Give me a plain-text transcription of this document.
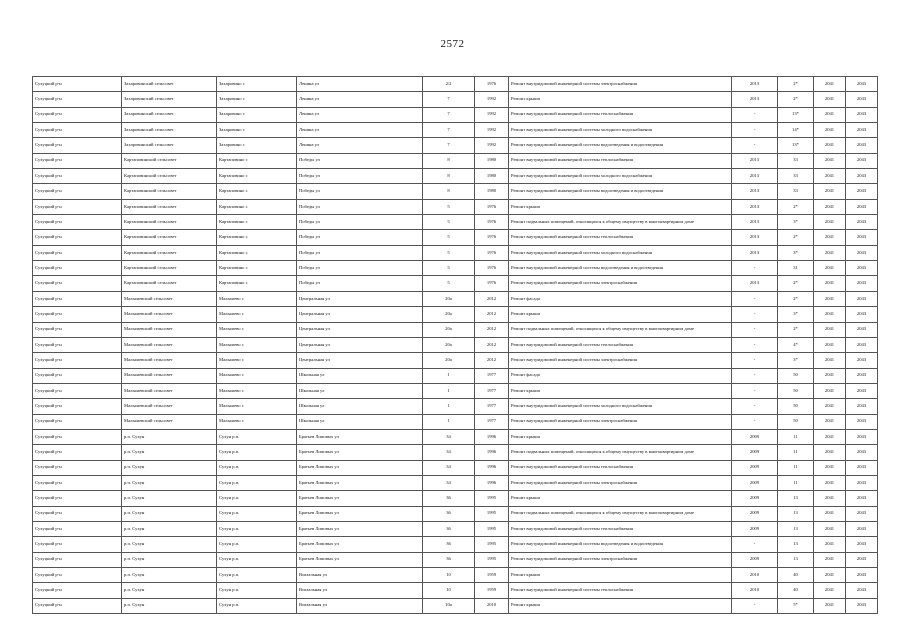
2572
Сухуцкий р-н	Захаровинский сельсовет	Захаровино с	Ленина ул	2/2	1976	Ремонт внутридомовой инженерной системы электроснабжения	2013	2*	2041	2043
Сухуцкий р-н	Захаровинский сельсовет	Захаровино с	Ленина ул	7	1992	Ремонт крыши	2013	2*	2041	2043
Сухуцкий р-н	Захаровинский сельсовет	Захаровино с	Ленина ул	7	1992	Ремонт внутридомовой инженерной системы теплоснабжения	-	13*	2041	2043
Сухуцкий р-н	Захаровинский сельсовет	Захаровино с	Ленина ул	7	1992	Ремонт внутридомовой инженерной системы холодного водоснабжения	-	14*	2041	2043
Сухуцкий р-н	Захаровинский сельсовет	Захаровино с	Ленина ул	7	1992	Ремонт внутридомовой инженерной системы водоотведения и водоотведения	-	13*	2041	2043
Сухуцкий р-н	Картаповинский сельсовет	Картаповино с	Победы ул	8	1980	Ремонт внутридомовой инженерной системы теплоснабжения	2013	33	2041	2043
Сухуцкий р-н	Картаповинский сельсовет	Картаповино с	Победы ул	8	1980	Ремонт внутридомовой инженерной системы холодного водоснабжения	2013	33	2041	2043
Сухуцкий р-н	Картаповинский сельсовет	Картаповино с	Победы ул	8	1980	Ремонт внутридомовой инженерной системы водоотведения и водоотведения	2013	33	2041	2043
Сухуцкий р-н	Картаповинский сельсовет	Картаповино с	Победы ул	5	1976	Ремонт крыши	2013	2*	2041	2043
Сухуцкий р-н	Картаповинский сельсовет	Картаповино с	Победы ул	5	1976	Ремонт подвальных помещений, относящихся к общему имуществу в многоквартирном доме	2013	3*	2041	2043
Сухуцкий р-н	Картаповинский сельсовет	Картаповино с	Победы ул	5	1976	Ремонт внутридомовой инженерной системы теплоснабжения	2013	2*	2041	2043
Сухуцкий р-н	Картаповинский сельсовет	Картаповино с	Победы ул	5	1976	Ремонт внутридомовой инженерной системы холодного водоснабжения	2013	3*	2041	2043
Сухуцкий р-н	Картаповинский сельсовет	Картаповино с	Победы ул	5	1976	Ремонт внутридомовой инженерной системы водоотведения и водоотведения	-	31	2041	2043
Сухуцкий р-н	Картаповинский сельсовет	Картаповино с	Победы ул	5	1976	Ремонт внутридомовой инженерной системы электроснабжения	2013	2*	2041	2043
Сухуцкий р-н	Малышевский сельсовет	Малышево с	Центральная ул	20а	2012	Ремонт фасада	-	2*	2041	2043
Сухуцкий р-н	Малышевский сельсовет	Малышево с	Центральная ул	20а	2012	Ремонт крыши	-	3*	2041	2043
Сухуцкий р-н	Малышевский сельсовет	Малышево с	Центральная ул	20а	2012	Ремонт подвальных помещений, относящихся к общему имуществу в многоквартирном доме	-	2*	2041	2043
Сухуцкий р-н	Малышевский сельсовет	Малышево с	Центральная ул	20а	2012	Ремонт внутридомовой инженерной системы теплоснабжения	-	4*	2041	2043
Сухуцкий р-н	Малышевский сельсовет	Малышево с	Центральная ул	20а	2012	Ремонт внутридомовой инженерной системы электроснабжения	-	3*	2041	2043
Сухуцкий р-н	Малышевский сельсовет	Малышево с	Школьная ул	1	1977	Ремонт фасада	-	50	2041	2043
Сухуцкий р-н	Малышевский сельсовет	Малышево с	Школьная ул	1	1977	Ремонт крыши	-	50	2041	2043
Сухуцкий р-н	Малышевский сельсовет	Малышево с	Школьная ул	1	1977	Ремонт внутридомовой инженерной системы холодного водоснабжения	-	50	2041	2043
Сухуцкий р-н	Малышевский сельсовет	Малышево с	Школьная ул	1	1977	Ремонт внутридомовой инженерной системы электроснабжения	-	50	2041	2043
Сухуцкий р-н	р.п. Сухун	Сухун р.п.	Братьев Ломовых ул	34	1996	Ремонт крыши	2009	11	2041	2043
Сухуцкий р-н	р.п. Сухун	Сухун р.п.	Братьев Ломовых ул	34	1996	Ремонт подвальных помещений, относящихся к общему имуществу в многоквартирном доме	2009	11	2041	2043
Сухуцкий р-н	р.п. Сухун	Сухун р.п.	Братьев Ломовых ул	34	1996	Ремонт внутридомовой инженерной системы теплоснабжения	2009	11	2041	2043
Сухуцкий р-н	р.п. Сухун	Сухун р.п.	Братьев Ломовых ул	34	1996	Ремонт внутридомовой инженерной системы электроснабжения	2009	11	2041	2043
Сухуцкий р-н	р.п. Сухун	Сухун р.п.	Братьев Ломовых ул	36	1995	Ремонт крыши	2009	13	2041	2043
Сухуцкий р-н	р.п. Сухун	Сухун р.п.	Братьев Ломовых ул	36	1995	Ремонт подвальных помещений, относящихся к общему имуществу в многоквартирном доме	2009	13	2041	2043
Сухуцкий р-н	р.п. Сухун	Сухун р.п.	Братьев Ломовых ул	36	1995	Ремонт внутридомовой инженерной системы теплоснабжения	2009	13	2041	2043
Сухуцкий р-н	р.п. Сухун	Сухун р.п.	Братьев Ломовых ул	36	1995	Ремонт внутридомовой инженерной системы водоотведения и водоотведения	-	13	2041	2043
Сухуцкий р-н	р.п. Сухун	Сухун р.п.	Братьев Ломовых ул	36	1995	Ремонт внутридомовой инженерной системы электроснабжения	2009	13	2041	2043
Сухуцкий р-н	р.п. Сухун	Сухун р.п.	Вокзальная ул	10	1959	Ремонт крыши	2010	40	2041	2043
Сухуцкий р-н	р.п. Сухун	Сухун р.п.	Вокзальная ул	10	1959	Ремонт внутридомовой инженерной системы теплоснабжения	2010	40	2041	2043
Сухуцкий р-н	р.п. Сухун	Сухун р.п.	Вокзальная ул	10а	2010	Ремонт крыши	-	5*	2041	2043
